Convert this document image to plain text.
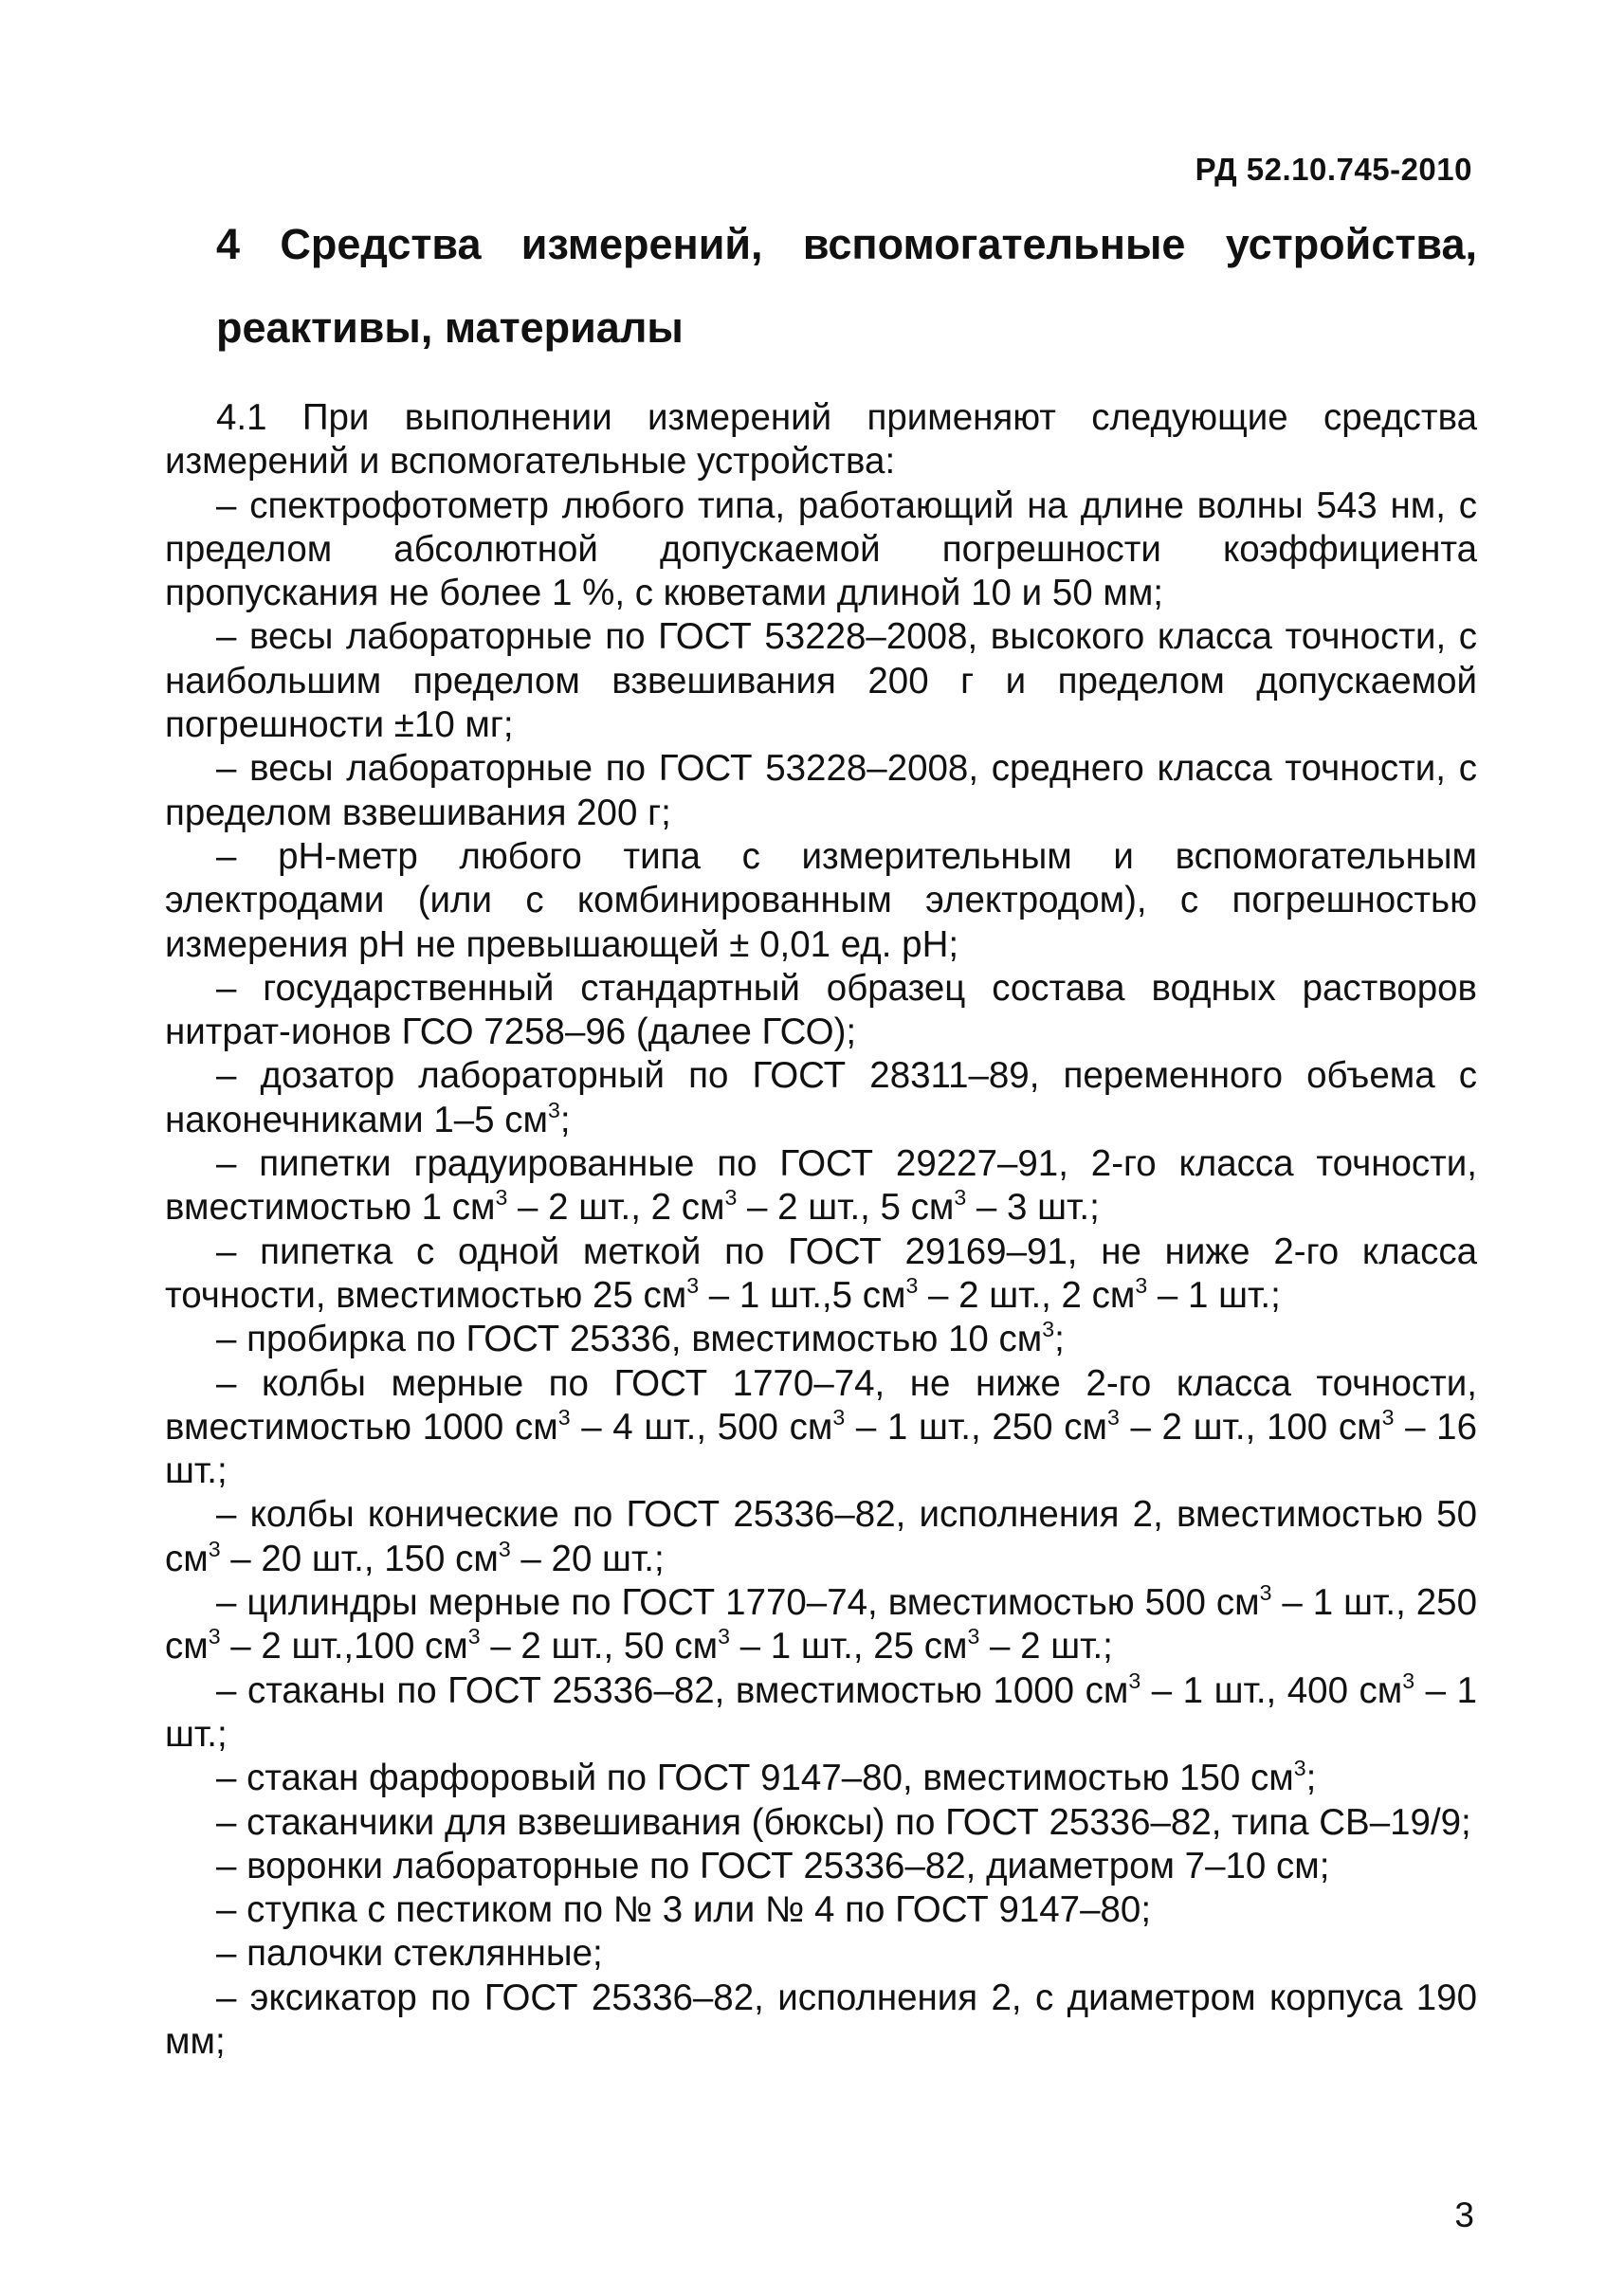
РД 52.10.745-2010
4 Средства измерений, вспомогательные устройства,
реактивы, материалы

4.1 При выполнении измерений применяют следующие средства измерений и вспомогательные устройства:

– спектрофотометр любого типа, работающий на длине волны 543 нм, с пределом абсолютной допускаемой погрешности коэффициента пропускания не более 1 %, с кюветами длиной 10 и 50 мм;

– весы лабораторные по ГОСТ 53228–2008, высокого класса точности, с наибольшим пределом взвешивания 200 г и пределом допускаемой погрешности ±10 мг;

– весы лабораторные по ГОСТ 53228–2008, среднего класса точности, с пределом взвешивания 200 г;

– рН-метр любого типа с измерительным и вспомогательным электродами (или с комбинированным электродом), с погрешностью измерения рН не превышающей ± 0,01 ед. рН;

– государственный стандартный образец состава водных растворов нитрат-ионов ГСО 7258–96 (далее ГСО);

– дозатор лабораторный по ГОСТ 28311–89, переменного объема с наконечниками 1–5 $см^3$;

– пипетки градуированные по ГОСТ 29227–91, 2-го класса точности, вместимостью 1 $см^3 - 2$ шт., 2 $см^3 - 2$ шт., 5 $см^3 - 3$ шт.;

– пипетка с одной меткой по ГОСТ 29169–91, не ниже 2-го класса точности, вместимостью 25 $см^3 - 1$ шт.,5 $см^3 - 2$ шт., 2 $см^3 - 1$ шт.;

– пробирка по ГОСТ 25336, вместимостью 10 $см^3$;

– колбы мерные по ГОСТ 1770–74, не ниже 2-го класса точности, вместимостью 1000 $см^3 - 4$ шт., 500 $см^3 - 1$ шт., 250 $см^3 - 2$ шт., 100 $см^3 - 16$ шт.;

– колбы конические по ГОСТ 25336–82, исполнения 2, вместимостью 50 $см^3 - 20$ шт., 150 $см^3 - 20$ шт.;

– цилиндры мерные по ГОСТ 1770–74, вместимостью 500 $см^3 - 1$ шт., 250 $см^3 - 2$ шт.,100 $см^3 - 2$ шт., 50 $см^3 - 1$ шт., 25 $см^3 - 2$ шт.;

– стаканы по ГОСТ 25336–82, вместимостью 1000 $см^3 - 1$ шт., 400 $см^3 - 1$ шт.;

– стакан фарфоровый по ГОСТ 9147–80, вместимостью 150 $см^3$;

– стаканчики для взвешивания (бюксы) по ГОСТ 25336–82, типа СВ–19/9;

– воронки лабораторные по ГОСТ 25336–82, диаметром 7–10 см;

– ступка с пестиком по № 3 или № 4 по ГОСТ 9147–80;

– палочки стеклянные;

– эксикатор по ГОСТ 25336–82, исполнения 2, с диаметром корпуса 190 мм;

3
